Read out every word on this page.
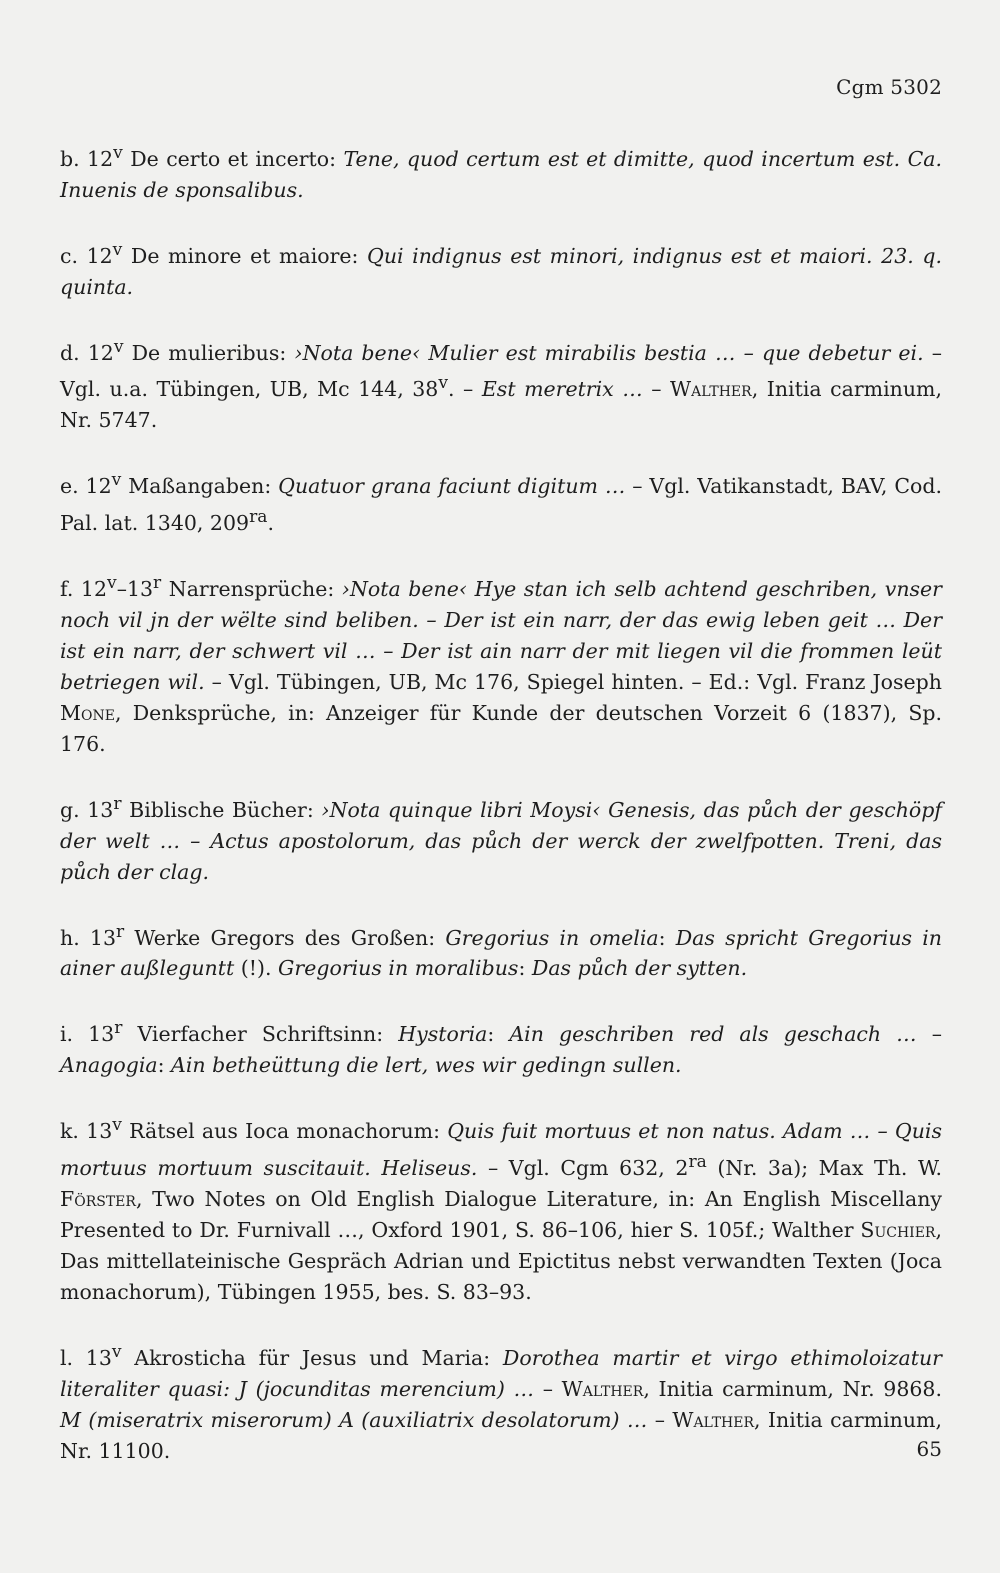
Cgm 5302

b. 12$^v$ De certo et incerto: Tene, quod certum est et dimitte, quod incertum est. Ca. Inuenis de sponsalibus.

c. 12$^v$ De minore et maiore: Qui indignus est minori, indignus est et maiori. 23. q. quinta.

d. 12$^v$ De mulieribus: ›Nota bene‹ Mulier est mirabilis bestia … – que debetur ei. – Vgl. u.a. Tübingen, UB, Mc 144, 38$^v$. – Est meretrix … – Walther, Initia carminum, Nr. 5747.

e. 12$^v$ Maßangaben: Quatuor grana faciunt digitum … – Vgl. Vatikanstadt, BAV, Cod. Pal. lat. 1340, $209^{ra}$.

f. 12$^v$–13$^r$ Narrensprüche: ›Nota bene‹ Hye stan ich selb achtend geschriben, vnser noch vil jn der wëlte sind beliben. – Der ist ein narr, der das ewig leben geit … Der ist ein narr, der schwert vil … – Der ist ain narr der mit liegen vil die frommen leüt betriegen wil. – Vgl. Tübingen, UB, Mc 176, Spiegel hinten. – Ed.: Vgl. Franz Joseph Mone, Denksprüche, in: Anzeiger für Kunde der deutschen Vorzeit 6 (1837), Sp. 176.

g. 13$^r$ Biblische Bücher: ›Nota quinque libri Moysi‹ Genesis, das půch der geschöpf der welt … – Actus apostolorum, das půch der werck der zwelfpotten. Treni, das půch der clag.

h. 13$^r$ Werke Gregors des Großen: Gregorius in omelia: Das spricht Gregorius in ainer außleguntt (!). Gregorius in moralibus: Das půch der sytten.

i. 13$^r$ Vierfacher Schriftsinn: Hystoria: Ain geschriben red als geschach … – Anagogia: Ain betheüttung die lert, wes wir gedingn sullen.

k. 13$^v$ Rätsel aus Ioca monachorum: Quis fuit mortuus et non natus. Adam … – Quis mortuus mortuum suscitauit. Heliseus. – Vgl. Cgm 632, $2^{ra}$ (Nr. 3a); Max Th. W. Förster, Two Notes on Old English Dialogue Literature, in: An English Miscellany Presented to Dr. Furnivall …, Oxford 1901, S. 86–106, hier S. 105f.; Walther Suchier, Das mittellateinische Gespräch Adrian und Epictitus nebst verwandten Texten (Joca monachorum), Tübingen 1955, bes. S. 83–93.

l. 13$^v$ Akrosticha für Jesus und Maria: Dorothea martir et virgo ethimoloizatur literaliter quasi: J (jocunditas merencium) … – Walther, Initia carminum, Nr. 9868. M (miseratrix miserorum) A (auxiliatrix desolatorum) … – Walther, Initia carminum, Nr. 11100.	65
